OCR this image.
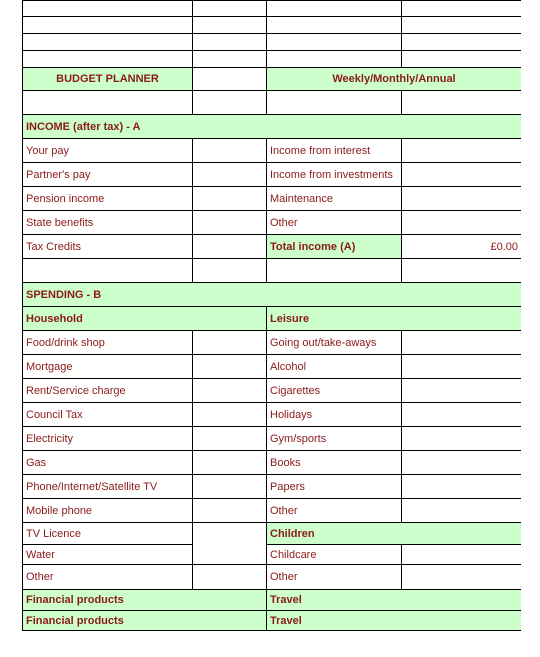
BUDGET PLANNER		Weekly/Monthly/Annual	

INCOME (after tax) - A			
Your pay		Income from interest	
Partner's pay		Income from investments	
Pension income		Maintenance	
State benefits		Other	
Tax Credits		Total income (A)	£0.00

SPENDING - B			
Household		Leisure	
Food/drink shop		Going out/take-aways	
Mortgage		Alcohol	
Rent/Service charge		Cigarettes	
Council Tax		Holidays	
Electricity		Gym/sports	
Gas		Books	
Phone/Internet/Satellite TV		Papers	
Mobile phone		Other	
TV Licence		Children	
Water		Childcare	
Other		Other	
Financial products		Travel	
Financial products		Travel	
